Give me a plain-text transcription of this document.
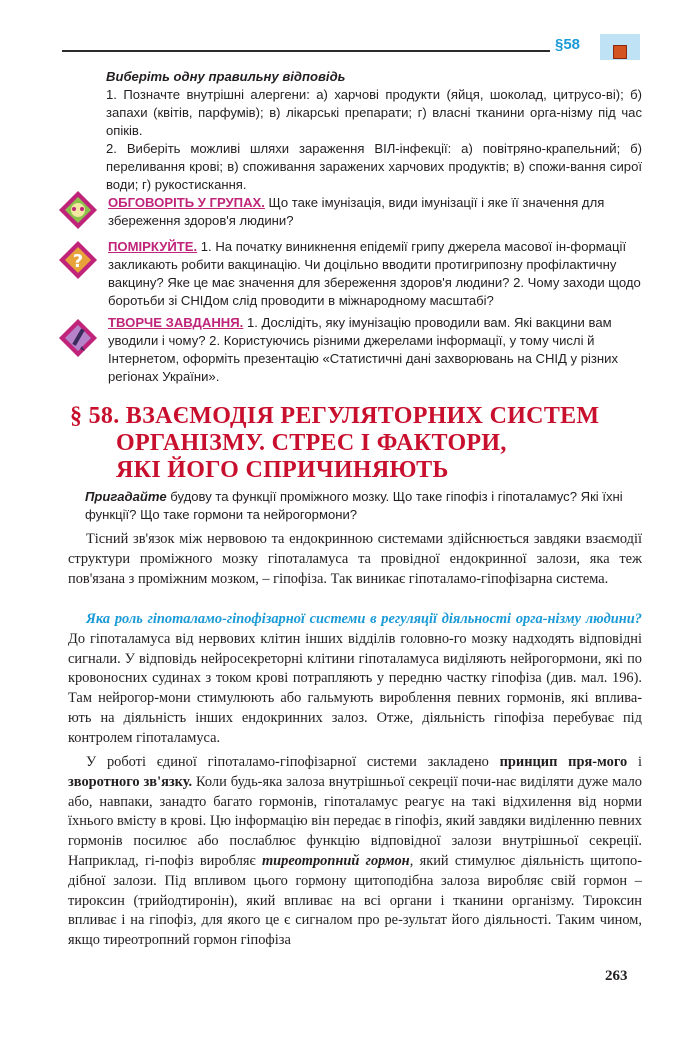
§58
Виберіть одну правильну відповідь

1. Позначте внутрішні алергени: а) харчові продукти (яйця, шоколад, цитрусо-ві); б) запахи (квітів, парфумів); в) лікарські препарати; г) власні тканини орга-нізму під час опіків.

2. Виберіть можливі шляхи зараження ВІЛ-інфекції: а) повітряно-крапельний; б) переливання крові; в) споживання заражених харчових продуктів; в) спожи-вання сирої води; г) рукостискання.

ОБГОВОРІТЬ У ГРУПАХ. Що таке імунізація, види імунізації і яке її значення для збереження здоров'я людини?
?
ПОМІРКУЙТЕ. 1. На початку виникнення епідемії грипу джерела масової ін-формації закликають робити вакцинацію. Чи доцільно вводити протигрипозну профілактичну вакцину? Яке це має значення для збереження здоров'я людини? 2. Чому заходи щодо боротьби зі СНІДом слід проводити в міжнародному масштабі?
ТВОРЧЕ ЗАВДАННЯ. 1. Дослідіть, яку імунізацію проводили вам. Які вакцини вам уводили і чому? 2. Користуючись різними джерелами інформації, у тому числі й Інтернетом, оформіть презентацію «Статистичні дані захворювань на СНІД у різних регіонах України».
§ 58. ВЗАЄМОДІЯ РЕГУЛЯТОРНИХ СИСТЕМ
ОРГАНІЗМУ. СТРЕС І ФАКТОРИ,
ЯКІ ЙОГО СПРИЧИНЯЮТЬ
Пригадайте будову та функції проміжного мозку. Що таке гіпофіз і гіпоталамус? Які їхні функції? Що таке гормони та нейрогормони?

Тісний зв'язок між нервовою та ендокринною системами здійснюється завдяки взаємодії структури проміжного мозку гіпоталамуса та провідної ендокринної залози, яка теж пов'язана з проміжним мозком, – гіпофіза. Так виникає гіпоталамо-гіпофізарна система.

Яка роль гіпоталамо-гіпофізарної системи в регуляції діяльності орга-нізму людини? До гіпоталамуса від нервових клітин інших відділів головно-го мозку надходять відповідні сигнали. У відповідь нейросекреторні клітини гіпоталамуса виділяють нейрогормони, які по кровоносних судинах з током крові потрапляють у передню частку гіпофіза (див. мал. 196). Там нейрогор-мони стимулюють або гальмують вироблення певних гормонів, які вплива-ють на діяльність інших ендокринних залоз. Отже, діяльність гіпофіза перебуває під контролем гіпоталамуса.

У роботі єдиної гіпоталамо-гіпофізарної системи закладено принцип пря-мого і зворотного зв'язку. Коли будь-яка залоза внутрішньої секреції почи-нає виділяти дуже мало або, навпаки, занадто багато гормонів, гіпоталамус реагує на такі відхилення від норми їхнього вмісту в крові. Цю інформацію він передає в гіпофіз, який завдяки виділенню певних гормонів посилює або послаблює функцію відповідної залози внутрішньої секреції. Наприклад, гі-пофіз виробляє тиреотропний гормон, який стимулює діяльність щитопо-дібної залози. Під впливом цього гормону щитоподібна залоза виробляє свій гормон – тироксин (трийодтиронін), який впливає на всі органи і тканини організму. Тироксин впливає і на гіпофіз, для якого це є сигналом про ре-зультат його діяльності. Таким чином, якщо тиреотропний гормон гіпофіза

263
